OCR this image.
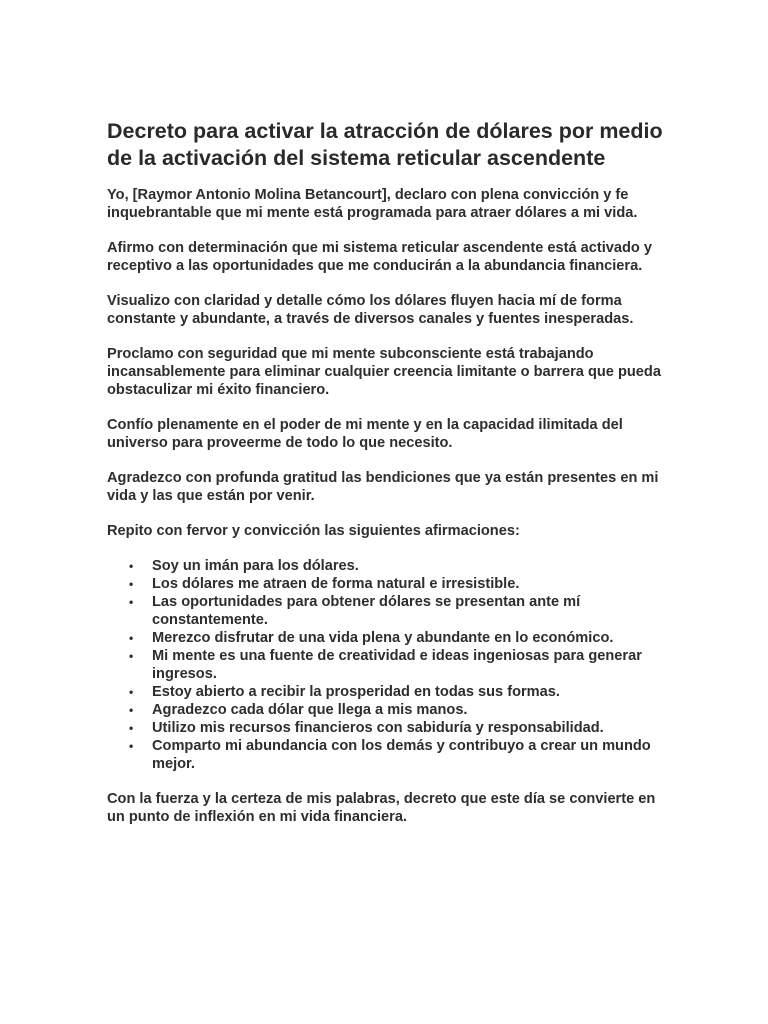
Decreto para activar la atracción de dólares por medio de la activación del sistema reticular ascendente

Yo, [Raymor Antonio Molina Betancourt], declaro con plena convicción y fe inquebrantable que mi mente está programada para atraer dólares a mi vida.

Afirmo con determinación que mi sistema reticular ascendente está activado y receptivo a las oportunidades que me conducirán a la abundancia financiera.

Visualizo con claridad y detalle cómo los dólares fluyen hacia mí de forma constante y abundante, a través de diversos canales y fuentes inesperadas.

Proclamo con seguridad que mi mente subconsciente está trabajando incansablemente para eliminar cualquier creencia limitante o barrera que pueda obstaculizar mi éxito financiero.

Confío plenamente en el poder de mi mente y en la capacidad ilimitada del universo para proveerme de todo lo que necesito.

Agradezco con profunda gratitud las bendiciones que ya están presentes en mi vida y las que están por venir.

Repito con fervor y convicción las siguientes afirmaciones:

• Soy un imán para los dólares.
• Los dólares me atraen de forma natural e irresistible.
• Las oportunidades para obtener dólares se presentan ante mí constantemente.
• Merezco disfrutar de una vida plena y abundante en lo económico.
• Mi mente es una fuente de creatividad e ideas ingeniosas para generar ingresos.
• Estoy abierto a recibir la prosperidad en todas sus formas.
• Agradezco cada dólar que llega a mis manos.
• Utilizo mis recursos financieros con sabiduría y responsabilidad.
• Comparto mi abundancia con los demás y contribuyo a crear un mundo mejor.

Con la fuerza y la certeza de mis palabras, decreto que este día se convierte en un punto de inflexión en mi vida financiera.
